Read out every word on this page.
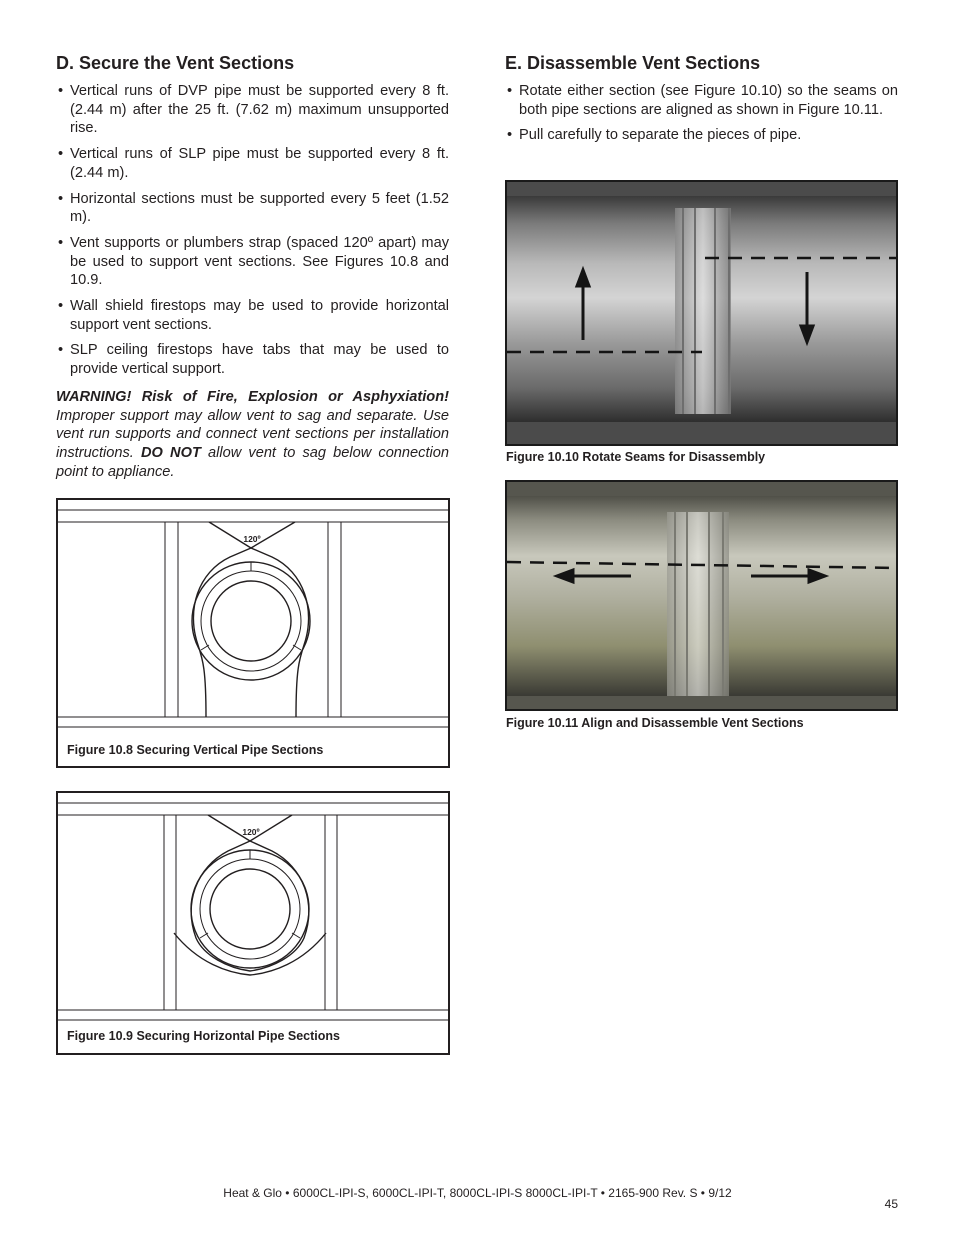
D. Secure the Vent Sections
• Vertical runs of DVP pipe must be supported every 8 ft. (2.44 m) after the 25 ft. (7.62 m) maximum unsupported rise.
• Vertical runs of SLP pipe must be supported every 8 ft. (2.44 m).
• Horizontal sections must be supported every 5 feet (1.52 m).
• Vent supports or plumbers strap (spaced 120º apart) may be used to support vent sections. See Figures 10.8 and 10.9.
• Wall shield firestops may be used to provide horizontal support vent sections.
• SLP ceiling firestops have tabs that may be used to provide vertical support.
WARNING! Risk of Fire, Explosion or Asphyxiation! Improper support may allow vent to sag and separate. Use vent run supports and connect vent sections per installation instructions. DO NOT allow vent to sag below connection point to appliance.
120º
Figure 10.8 Securing Vertical Pipe Sections
120º
Figure 10.9 Securing Horizontal Pipe Sections
E. Disassemble Vent Sections
• Rotate either section (see Figure 10.10) so the seams on both pipe sections are aligned as shown in Figure 10.11.
• Pull carefully to separate the pieces of pipe.
Figure 10.10 Rotate Seams for Disassembly
Figure 10.11 Align and Disassemble Vent Sections
Heat & Glo • 6000CL-IPI-S, 6000CL-IPI-T, 8000CL-IPI-S 8000CL-IPI-T • 2165-900 Rev. S • 9/12
45
